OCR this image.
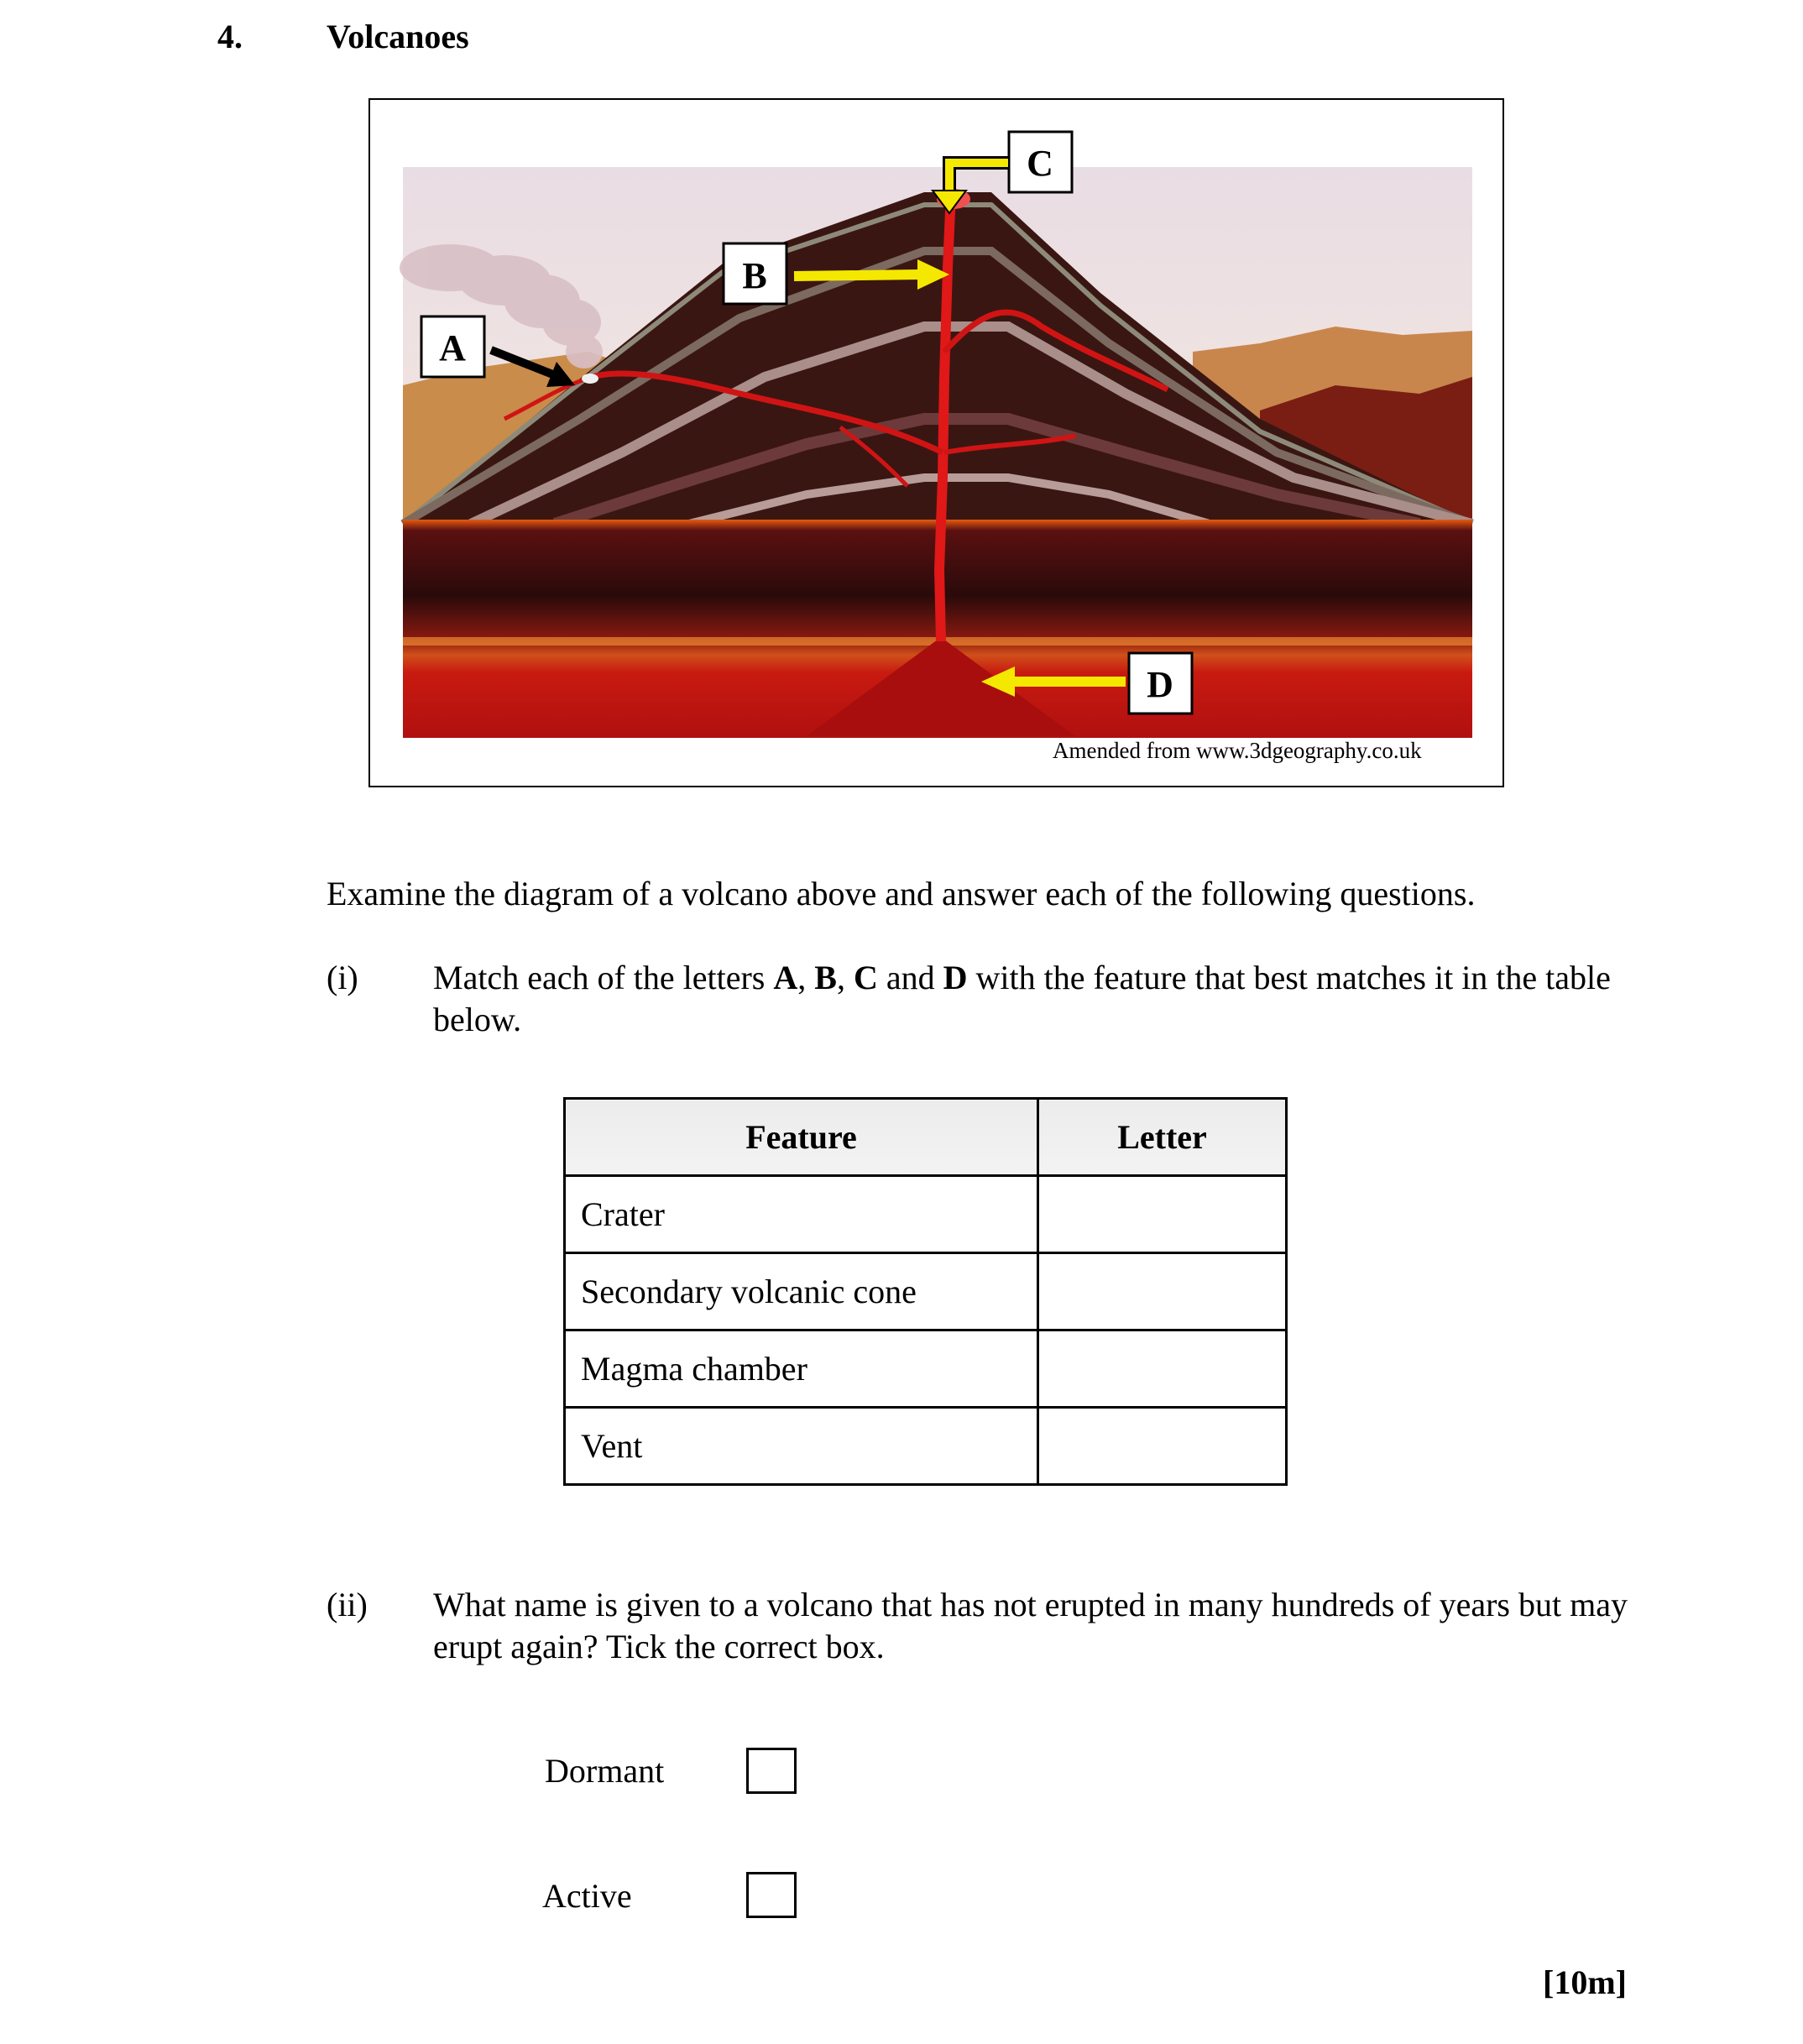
4.	Volcanoes
A
B
C
D
Amended from www.3dgeography.co.uk
Examine the diagram of a volcano above and answer each of the following questions.
(i) Match each of the letters A, B, C and D with the feature that best matches it in the table below.
Feature	Letter
Crater	
Secondary volcanic cone	
Magma chamber	
Vent	
(ii) What name is given to a volcano that has not erupted in many hundreds of years but may erupt again? Tick the correct box.
Dormant
Active
[10m]
